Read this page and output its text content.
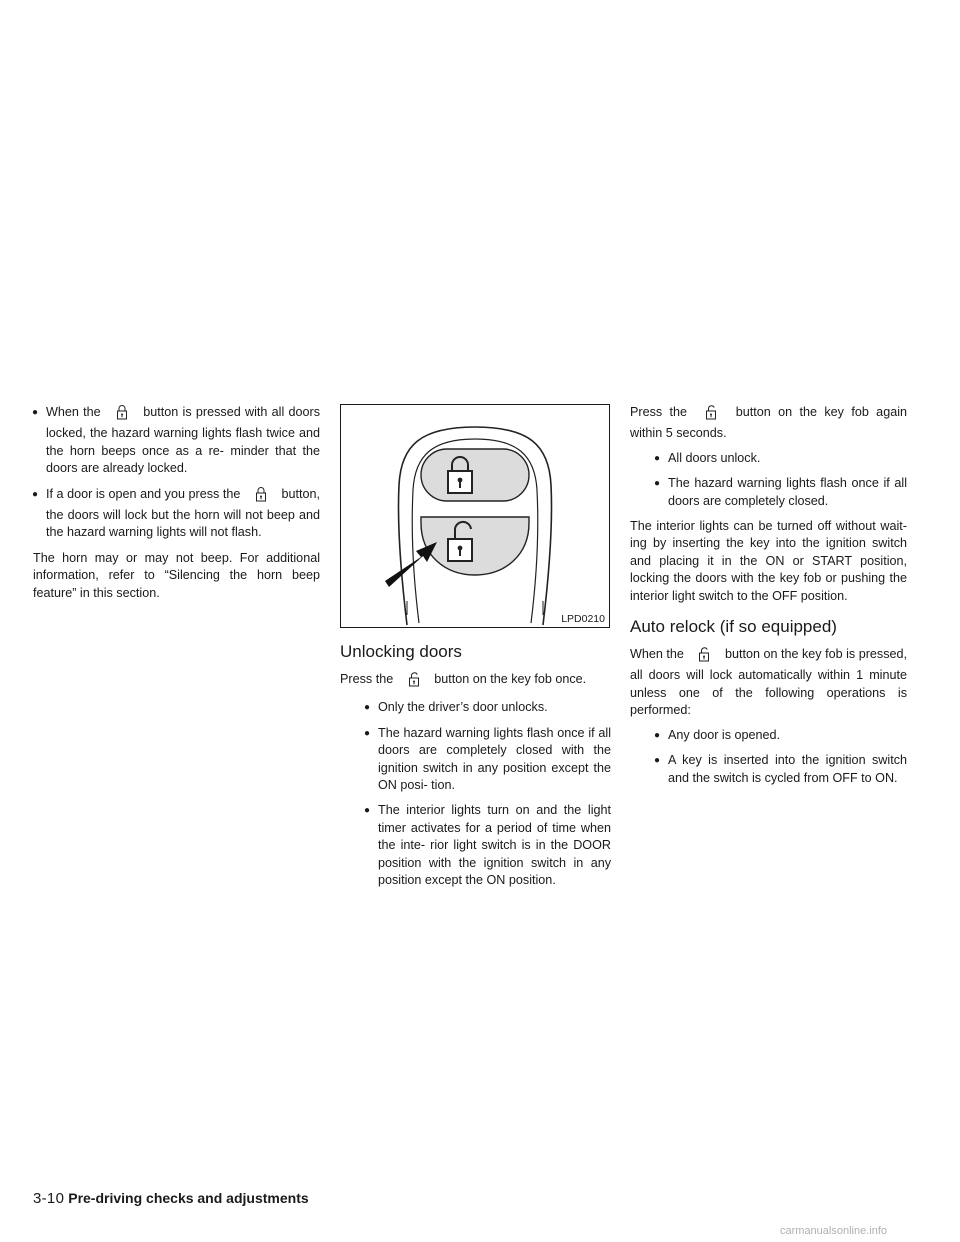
● When the	button is pressed with all doors locked, the hazard warning lights flash twice and the horn beeps once as a re- minder that the doors are already locked.
● If a door is open and you press the	button, the doors will lock but the horn will not beep and the hazard warning lights will not flash.

The horn may or may not beep. For additional information, refer to “Silencing the horn beep feature” in this section.

LPD0210
Unlocking doors

Press the	button on the key fob once.

● Only the driver’s door unlocks.
● The hazard warning lights flash once if all doors are completely closed with the ignition switch in any position except the ON posi- tion.
● The interior lights turn on and the light timer activates for a period of time when the inte- rior light switch is in the DOOR position with the ignition switch in any position except the ON position.

Press the	button on the key fob again within 5 seconds.

● All doors unlock.
● The hazard warning lights flash once if all doors are completely closed.

The interior lights can be turned off without wait- ing by inserting the key into the ignition switch and placing it in the ON or START position, locking the doors with the key fob or pushing the interior light switch to the OFF position.

Auto relock (if so equipped)

When the	button on the key fob is pressed, all doors will lock automatically within 1 minute unless one of the following operations is performed:

● Any door is opened.
● A key is inserted into the ignition switch and the switch is cycled from OFF to ON.
3-10 Pre-driving checks and adjustments
carmanualsonline.info
